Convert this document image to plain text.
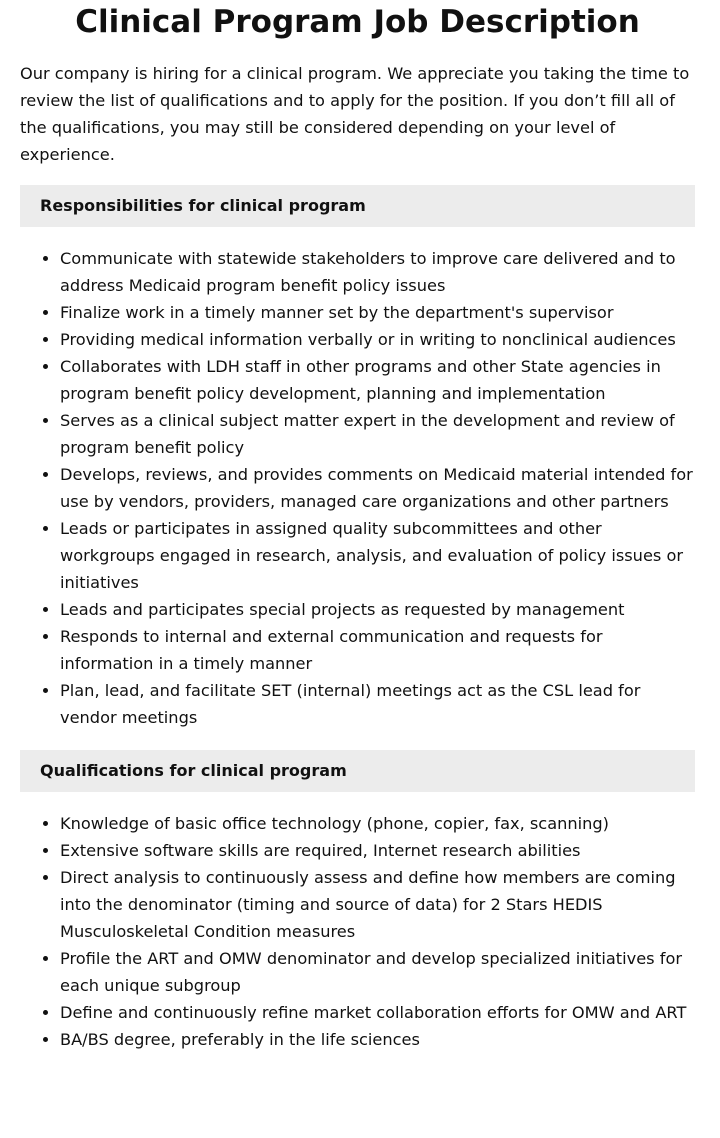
Clinical Program Job Description

Our company is hiring for a clinical program. We appreciate you taking the time to review the list of qualifications and to apply for the position. If you don’t fill all of the qualifications, you may still be considered depending on your level of experience.

Responsibilities for clinical program
• Communicate with statewide stakeholders to improve care delivered and to address Medicaid program benefit policy issues
• Finalize work in a timely manner set by the department's supervisor
• Providing medical information verbally or in writing to nonclinical audiences
• Collaborates with LDH staff in other programs and other State agencies in program benefit policy development, planning and implementation
• Serves as a clinical subject matter expert in the development and review of program benefit policy
• Develops, reviews, and provides comments on Medicaid material intended for use by vendors, providers, managed care organizations and other partners
• Leads or participates in assigned quality subcommittees and other workgroups engaged in research, analysis, and evaluation of policy issues or initiatives
• Leads and participates special projects as requested by management
• Responds to internal and external communication and requests for information in a timely manner
• Plan, lead, and facilitate SET (internal) meetings act as the CSL lead for vendor meetings
Qualifications for clinical program
• Knowledge of basic office technology (phone, copier, fax, scanning)
• Extensive software skills are required, Internet research abilities
• Direct analysis to continuously assess and define how members are coming into the denominator (timing and source of data) for 2 Stars HEDIS Musculoskeletal Condition measures
• Profile the ART and OMW denominator and develop specialized initiatives for each unique subgroup
• Define and continuously refine market collaboration efforts for OMW and ART
• BA/BS degree, preferably in the life sciences
